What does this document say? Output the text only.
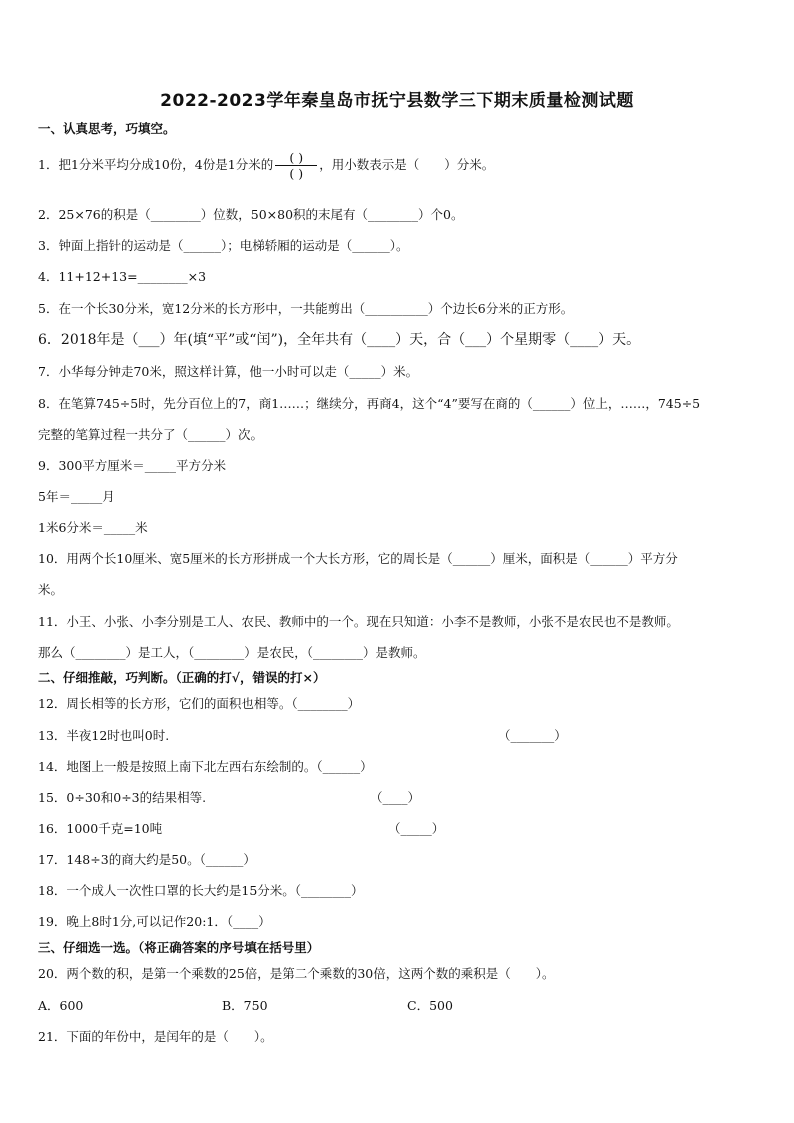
2022-2023学年秦皇岛市抚宁县数学三下期末质量检测试题
一、认真思考，巧填空。
1．把1分米平均分成10份，4份是1分米的 $\frac{( )}{( )}$ ，用小数表示是（　　）分米。
2．25×76的积是（________）位数，50×80积的末尾有（________）个0。
3．钟面上指针的运动是（______）；电梯轿厢的运动是（______）。
4．11+12+13=________×3
5．在一个长30分米，宽12分米的长方形中，一共能剪出（__________）个边长6分米的正方形。
6．2018年是（___）年(填“平”或“闰”)，全年共有（____）天，合（___）个星期零（____）天。
7．小华每分钟走70米，照这样计算，他一小时可以走（_____）米。
8．在笔算745÷5时，先分百位上的7，商1……；继续分，再商4，这个“4”要写在商的（______）位上，……，745÷5
完整的笔算过程一共分了（______）次。
9．300平方厘米＝_____平方分米
5年＝_____月
1米6分米＝_____米
10．用两个长10厘米、宽5厘米的长方形拼成一个大长方形，它的周长是（______）厘米，面积是（______）平方分
米。
11．小王、小张、小李分别是工人、农民、教师中的一个。现在只知道：小李不是教师，小张不是农民也不是教师。
那么（________）是工人，（________）是农民，（________）是教师。
二、仔细推敲，巧判断。（正确的打√，错误的打×）
12．周长相等的长方形，它们的面积也相等。（________）
13．半夜12时也叫0时.	（_______）
14．地图上一般是按照上南下北左西右东绘制的。（______）
15．0÷30和0÷3的结果相等.	（____）
16．1000千克=10吨	（_____）
17．148÷3的商大约是50。（______）
18．一个成人一次性口罩的长大约是15分米。（________）
19．晚上8时1分,可以记作20:1．（____）
三、仔细选一选。（将正确答案的序号填在括号里）
20．两个数的积，是第一个乘数的25倍，是第二个乘数的30倍，这两个数的乘积是（　　）。
A．600	B．750	C．500
21．下面的年份中，是闰年的是（　　）。
